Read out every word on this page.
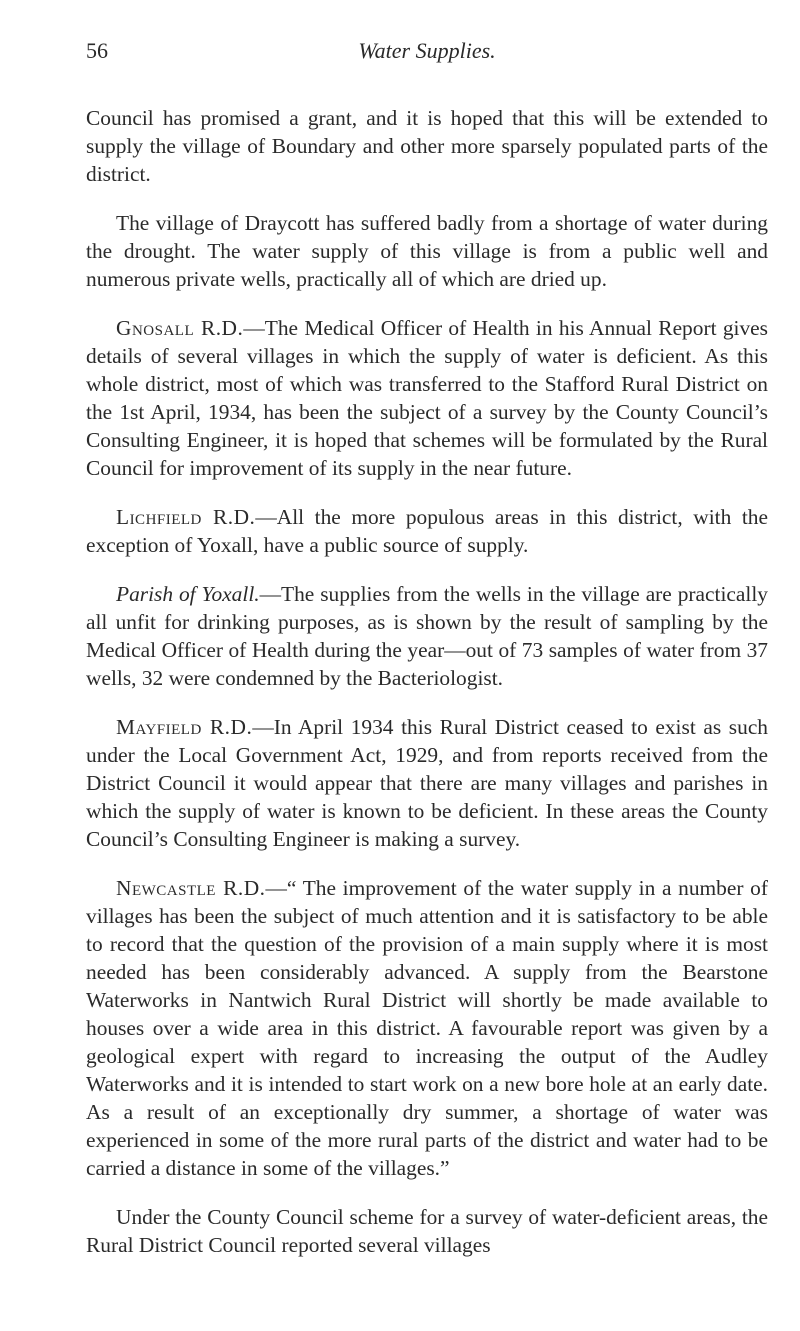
56	Water Supplies.

Council has promised a grant, and it is hoped that this will be extended to supply the village of Boundary and other more sparsely populated parts of the district.

The village of Draycott has suffered badly from a shortage of water during the drought. The water supply of this village is from a public well and numerous private wells, practically all of which are dried up.

Gnosall R.D.—The Medical Officer of Health in his Annual Report gives details of several villages in which the supply of water is deficient. As this whole district, most of which was transferred to the Stafford Rural District on the 1st April, 1934, has been the subject of a survey by the County Council’s Consulting Engineer, it is hoped that schemes will be formulated by the Rural Council for improvement of its supply in the near future.

Lichfield R.D.—All the more populous areas in this district, with the exception of Yoxall, have a public source of supply.

Parish of Yoxall.—The supplies from the wells in the village are practically all unfit for drinking purposes, as is shown by the result of sampling by the Medical Officer of Health during the year—out of 73 samples of water from 37 wells, 32 were condemned by the Bacteriologist.

Mayfield R.D.—In April 1934 this Rural District ceased to exist as such under the Local Government Act, 1929, and from reports received from the District Council it would appear that there are many villages and parishes in which the supply of water is known to be deficient. In these areas the County Council’s Consulting Engineer is making a survey.

Newcastle R.D.—“ The improvement of the water supply in a number of villages has been the subject of much attention and it is satisfactory to be able to record that the question of the provision of a main supply where it is most needed has been considerably advanced. A supply from the Bearstone Waterworks in Nantwich Rural District will shortly be made available to houses over a wide area in this district. A favourable report was given by a geological expert with regard to increasing the output of the Audley Waterworks and it is intended to start work on a new bore hole at an early date. As a result of an exceptionally dry summer, a shortage of water was experienced in some of the more rural parts of the district and water had to be carried a distance in some of the villages.”

Under the County Council scheme for a survey of water-deficient areas, the Rural District Council reported several villages
